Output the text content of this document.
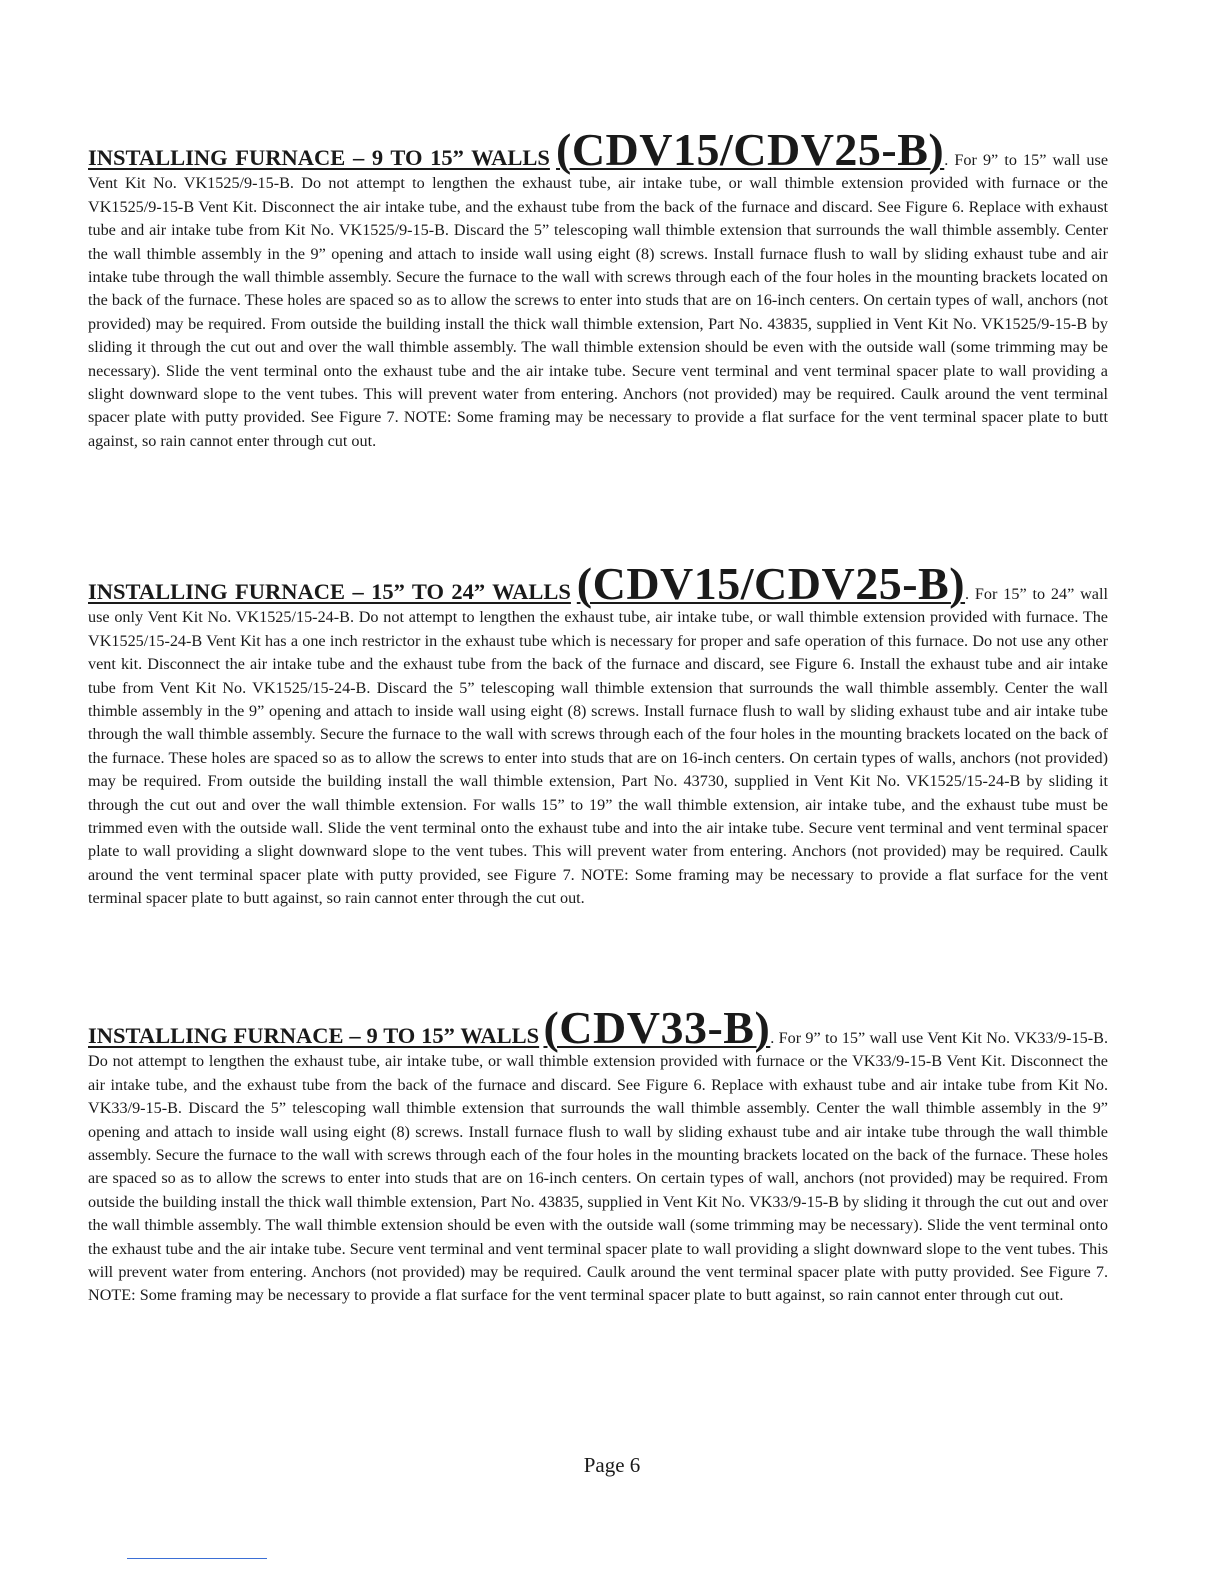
INSTALLING FURNACE – 9 TO 15” WALLS (CDV15/CDV25-B). For 9” to 15” wall use Vent Kit No. VK1525/9-15-B. Do not attempt to lengthen the exhaust tube, air intake tube, or wall thimble extension provided with furnace or the VK1525/9-15-B Vent Kit. Disconnect the air intake tube, and the exhaust tube from the back of the furnace and discard. See Figure 6. Replace with exhaust tube and air intake tube from Kit No. VK1525/9-15-B. Discard the 5” telescoping wall thimble extension that surrounds the wall thimble assembly. Center the wall thimble assembly in the 9” opening and attach to inside wall using eight (8) screws. Install furnace flush to wall by sliding exhaust tube and air intake tube through the wall thimble assembly. Secure the furnace to the wall with screws through each of the four holes in the mounting brackets located on the back of the furnace. These holes are spaced so as to allow the screws to enter into studs that are on 16-inch centers. On certain types of wall, anchors (not provided) may be required. From outside the building install the thick wall thimble extension, Part No. 43835, supplied in Vent Kit No. VK1525/9-15-B by sliding it through the cut out and over the wall thimble assembly. The wall thimble extension should be even with the outside wall (some trimming may be necessary). Slide the vent terminal onto the exhaust tube and the air intake tube. Secure vent terminal and vent terminal spacer plate to wall providing a slight downward slope to the vent tubes. This will prevent water from entering. Anchors (not provided) may be required. Caulk around the vent terminal spacer plate with putty provided. See Figure 7. NOTE: Some framing may be necessary to provide a flat surface for the vent terminal spacer plate to butt against, so rain cannot enter through cut out.

INSTALLING FURNACE – 15” TO 24” WALLS (CDV15/CDV25-B). For 15” to 24” wall use only Vent Kit No. VK1525/15-24-B. Do not attempt to lengthen the exhaust tube, air intake tube, or wall thimble extension provided with furnace. The VK1525/15-24-B Vent Kit has a one inch restrictor in the exhaust tube which is necessary for proper and safe operation of this furnace. Do not use any other vent kit. Disconnect the air intake tube and the exhaust tube from the back of the furnace and discard, see Figure 6. Install the exhaust tube and air intake tube from Vent Kit No. VK1525/15-24-B. Discard the 5” telescoping wall thimble extension that surrounds the wall thimble assembly. Center the wall thimble assembly in the 9” opening and attach to inside wall using eight (8) screws. Install furnace flush to wall by sliding exhaust tube and air intake tube through the wall thimble assembly. Secure the furnace to the wall with screws through each of the four holes in the mounting brackets located on the back of the furnace. These holes are spaced so as to allow the screws to enter into studs that are on 16-inch centers. On certain types of walls, anchors (not provided) may be required. From outside the building install the wall thimble extension, Part No. 43730, supplied in Vent Kit No. VK1525/15-24-B by sliding it through the cut out and over the wall thimble extension. For walls 15” to 19” the wall thimble extension, air intake tube, and the exhaust tube must be trimmed even with the outside wall. Slide the vent terminal onto the exhaust tube and into the air intake tube. Secure vent terminal and vent terminal spacer plate to wall providing a slight downward slope to the vent tubes. This will prevent water from entering. Anchors (not provided) may be required. Caulk around the vent terminal spacer plate with putty provided, see Figure 7. NOTE: Some framing may be necessary to provide a flat surface for the vent terminal spacer plate to butt against, so rain cannot enter through the cut out.

INSTALLING FURNACE – 9 TO 15” WALLS (CDV33-B). For 9” to 15” wall use Vent Kit No. VK33/9-15-B. Do not attempt to lengthen the exhaust tube, air intake tube, or wall thimble extension provided with furnace or the VK33/9-15-B Vent Kit. Disconnect the air intake tube, and the exhaust tube from the back of the furnace and discard. See Figure 6. Replace with exhaust tube and air intake tube from Kit No. VK33/9-15-B. Discard the 5” telescoping wall thimble extension that surrounds the wall thimble assembly. Center the wall thimble assembly in the 9” opening and attach to inside wall using eight (8) screws. Install furnace flush to wall by sliding exhaust tube and air intake tube through the wall thimble assembly. Secure the furnace to the wall with screws through each of the four holes in the mounting brackets located on the back of the furnace. These holes are spaced so as to allow the screws to enter into studs that are on 16-inch centers. On certain types of wall, anchors (not provided) may be required. From outside the building install the thick wall thimble extension, Part No. 43835, supplied in Vent Kit No. VK33/9-15-B by sliding it through the cut out and over the wall thimble assembly. The wall thimble extension should be even with the outside wall (some trimming may be necessary). Slide the vent terminal onto the exhaust tube and the air intake tube. Secure vent terminal and vent terminal spacer plate to wall providing a slight downward slope to the vent tubes. This will prevent water from entering. Anchors (not provided) may be required. Caulk around the vent terminal spacer plate with putty provided. See Figure 7. NOTE: Some framing may be necessary to provide a flat surface for the vent terminal spacer plate to butt against, so rain cannot enter through cut out.

Page 6
